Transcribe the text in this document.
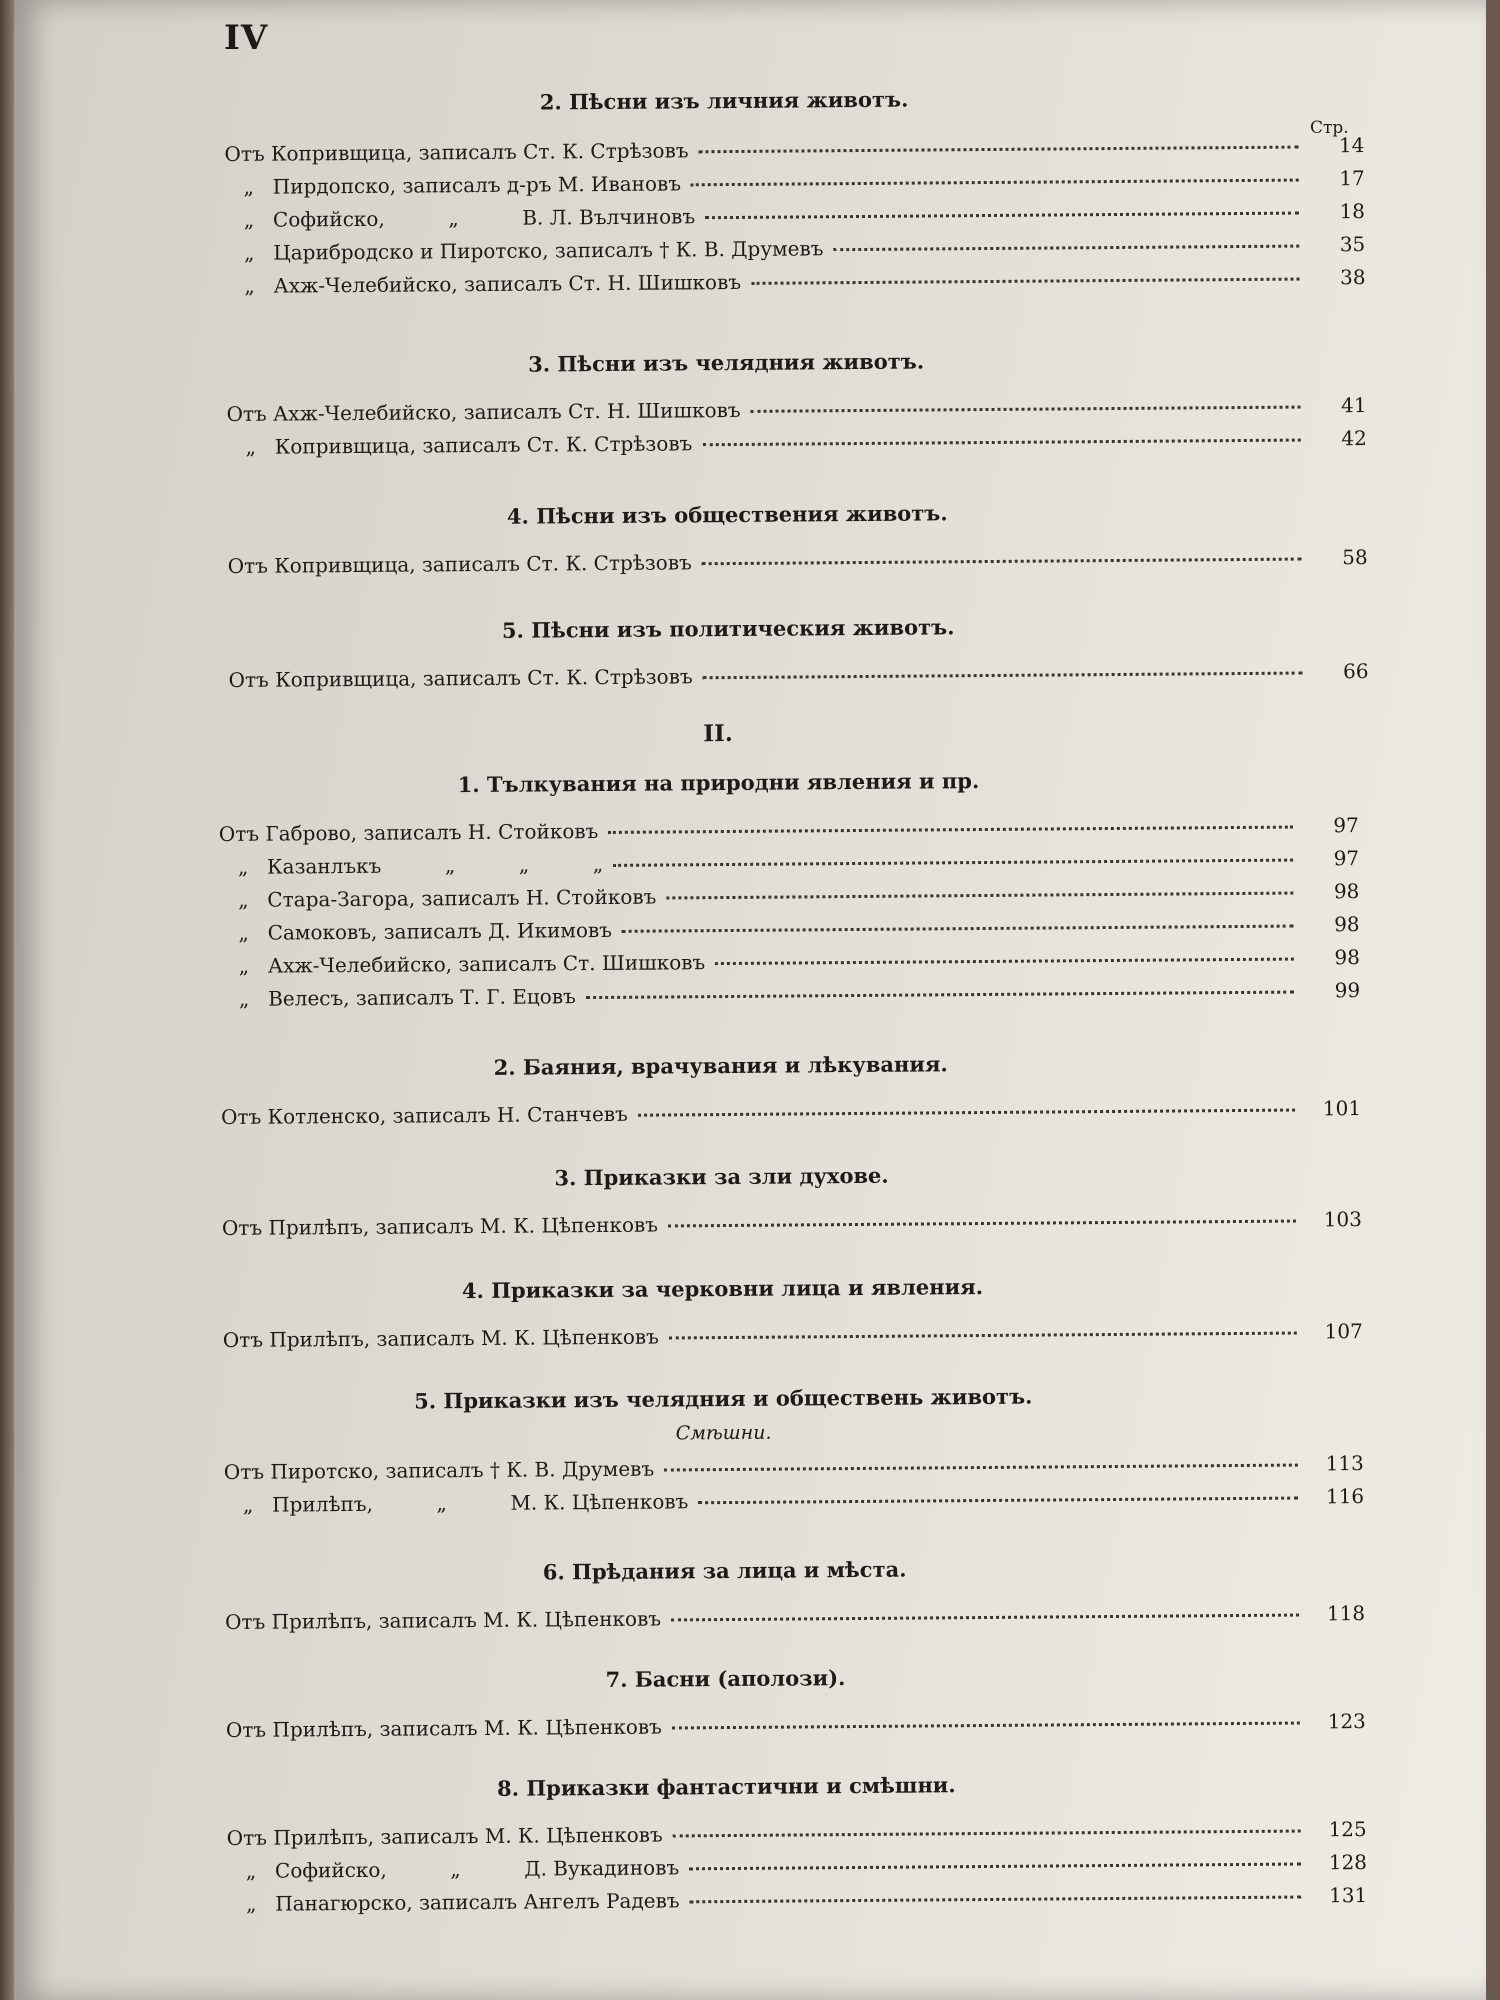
IV
Стр.
2. Пѣсни изъ личния животъ.
Отъ Копривщица, записалъ Ст. К. Стрѣзовъ	14
„ Пирдопско, записалъ д-ръ М. Ивановъ	17
„ Софийско,          „          В. Л. Вълчиновъ	18
„ Царибродско и Пиротско, записалъ † К. В. Друмевъ	35
„ Ахж-Челебийско, записалъ Ст. Н. Шишковъ	38
3. Пѣсни изъ челядния животъ.
Отъ Ахж-Челебийско, записалъ Ст. Н. Шишковъ	41
„ Копривщица, записалъ Ст. К. Стрѣзовъ	42
4. Пѣсни изъ обществения животъ.
Отъ Копривщица, записалъ Ст. К. Стрѣзовъ	58
5. Пѣсни изъ политическия животъ.
Отъ Копривщица, записалъ Ст. К. Стрѣзовъ	66
II.
1. Тълкувания на природни явления и пр.
Отъ Габрово, записалъ Н. Стойковъ	97
„ Казанлъкъ          „          „          „	97
„ Стара-Загора, записалъ Н. Стойковъ	98
„ Самоковъ, записалъ Д. Икимовъ	98
„ Ахж-Челебийско, записалъ Ст. Шишковъ	98
„ Велесъ, записалъ Т. Г. Ецовъ	99
2. Баяния, врачувания и лѣкувания.
Отъ Котленско, записалъ Н. Станчевъ	101
3. Приказки за зли духове.
Отъ Прилѣпъ, записалъ М. К. Цѣпенковъ	103
4. Приказки за черковни лица и явления.
Отъ Прилѣпъ, записалъ М. К. Цѣпенковъ	107
5. Приказки изъ челядния и обществень животъ.
Смѣшни.
Отъ Пиротско, записалъ † К. В. Друмевъ	113
„ Прилѣпъ,          „          М. К. Цѣпенковъ	116
6. Прѣдания за лица и мѣста.
Отъ Прилѣпъ, записалъ М. К. Цѣпенковъ	118
7. Басни (аполози).
Отъ Прилѣпъ, записалъ М. К. Цѣпенковъ	123
8. Приказки фантастични и смѣшни.
Отъ Прилѣпъ, записалъ М. К. Цѣпенковъ	125
„ Софийско,          „          Д. Вукадиновъ	128
„ Панагюрско, записалъ Ангелъ Радевъ	131
